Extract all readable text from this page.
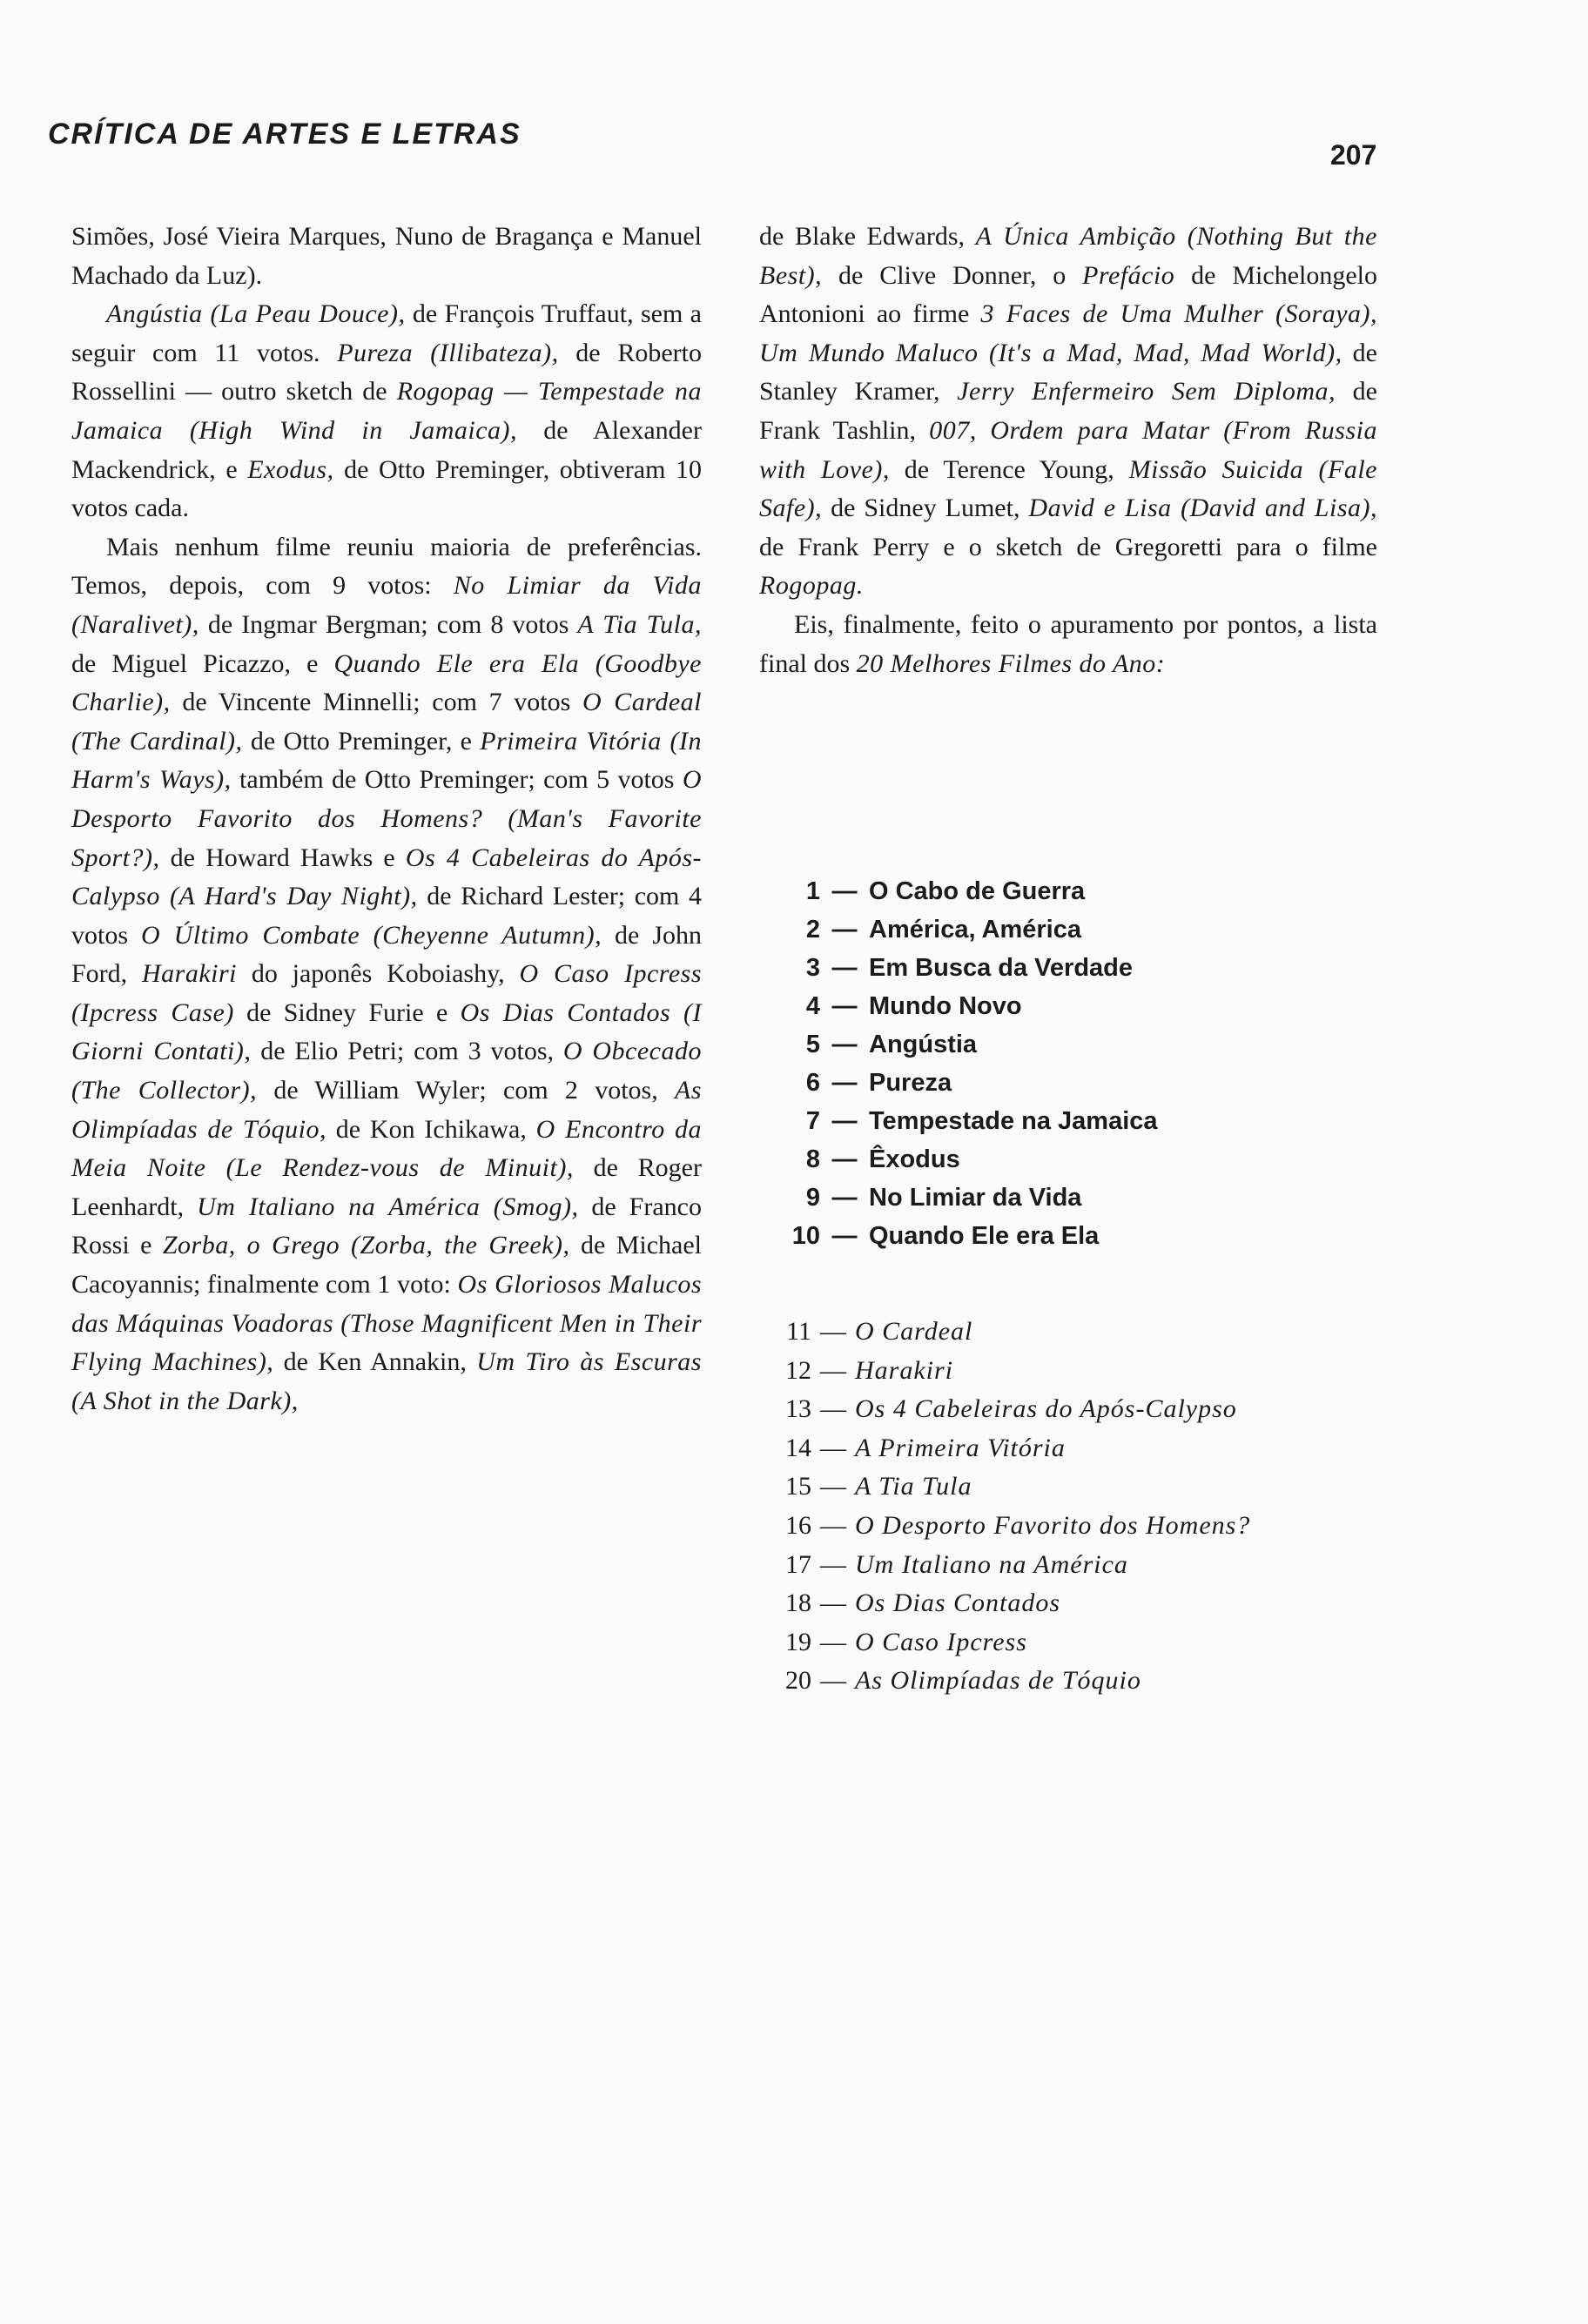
CRÍTICA DE ARTES E LETRAS
207

Simões, José Vieira Marques, Nuno de Bragança e Manuel Machado da Luz).

Angústia (La Peau Douce), de François Truffaut, sem a seguir com 11 votos. Pureza (Illibateza), de Roberto Rossellini — outro sketch de Rogopag — Tempestade na Jamaica (High Wind in Jamaica), de Alexander Mackendrick, e Exodus, de Otto Preminger, obtiveram 10 votos cada.

Mais nenhum filme reuniu maioria de preferências. Temos, depois, com 9 votos: No Limiar da Vida (Naralivet), de Ingmar Bergman; com 8 votos A Tia Tula, de Miguel Picazzo, e Quando Ele era Ela (Goodbye Charlie), de Vincente Minnelli; com 7 votos O Cardeal (The Cardinal), de Otto Preminger, e Primeira Vitória (In Harm's Ways), também de Otto Preminger; com 5 votos O Desporto Favorito dos Homens? (Man's Favorite Sport?), de Howard Hawks e Os 4 Cabeleiras do Após-Calypso (A Hard's Day Night), de Richard Lester; com 4 votos O Último Combate (Cheyenne Autumn), de John Ford, Harakiri do japonês Koboiashy, O Caso Ipcress (Ipcress Case) de Sidney Furie e Os Dias Contados (I Giorni Contati), de Elio Petri; com 3 votos, O Obcecado (The Collector), de William Wyler; com 2 votos, As Olimpíadas de Tóquio, de Kon Ichikawa, O Encontro da Meia Noite (Le Rendez-vous de Minuit), de Roger Leenhardt, Um Italiano na América (Smog), de Franco Rossi e Zorba, o Grego (Zorba, the Greek), de Michael Cacoyannis; finalmente com 1 voto: Os Gloriosos Malucos das Máquinas Voadoras (Those Magnificent Men in Their Flying Machines), de Ken Annakin, Um Tiro às Escuras (A Shot in the Dark),

de Blake Edwards, A Única Ambição (Nothing But the Best), de Clive Donner, o Prefácio de Michelongelo Antonioni ao firme 3 Faces de Uma Mulher (Soraya), Um Mundo Maluco (It's a Mad, Mad, Mad World), de Stanley Kramer, Jerry Enfermeiro Sem Diploma, de Frank Tashlin, 007, Ordem para Matar (From Russia with Love), de Terence Young, Missão Suicida (Fale Safe), de Sidney Lumet, David e Lisa (David and Lisa), de Frank Perry e o sketch de Gregoretti para o filme Rogopag.

Eis, finalmente, feito o apuramento por pontos, a lista final dos 20 Melhores Filmes do Ano:

1 — O Cabo de Guerra
2 — América, América
3 — Em Busca da Verdade
4 — Mundo Novo
5 — Angústia
6 — Pureza
7 — Tempestade na Jamaica
8 — Êxodus
9 — No Limiar da Vida
10 — Quando Ele era Ela
11 — O Cardeal
12 — Harakiri
13 — Os 4 Cabeleiras do Após-Calypso
14 — A Primeira Vitória
15 — A Tia Tula
16 — O Desporto Favorito dos Homens?
17 — Um Italiano na América
18 — Os Dias Contados
19 — O Caso Ipcress
20 — As Olimpíadas de Tóquio
